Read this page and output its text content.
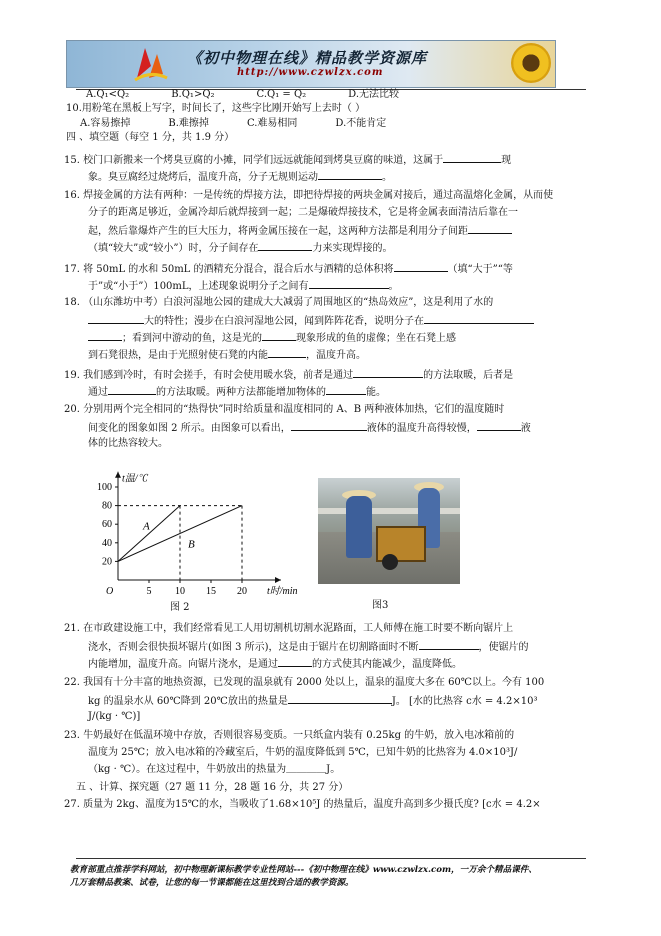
《初中物理在线》精品教学资源库
http://www.czwlzx.com
A.Q₁<Q₂	B.Q₁>Q₂	C.Q₁ = Q₂	D.无法比较
10.用粉笔在黑板上写字，时间长了，这些字比刚开始写上去时（ ）
A.容易擦掉	B.难擦掉	C.难易相同	D.不能肯定
四 、填空题（每空 1 分，共 1.9 分）
15. 校门口新搬来一个烤臭豆腐的小摊，同学们远远就能闻到烤臭豆腐的味道，这属于	现
象。臭豆腐经过烧烤后，温度升高，分子无规则运动	。
16. 焊接金属的方法有两种：一是传统的焊接方法，即把待焊接的两块金属对接后，通过高温熔化金属，从而使
分子的距离足够近，金属冷却后就焊接到一起；二是爆破焊接技术，它是将金属表面清洁后靠在一
起，然后靠爆炸产生的巨大压力，将两金属压接在一起，这两种方法都是利用分子间距
（填“较大”或“较小”）时，分子间存在	力来实现焊接的。
17. 将 50mL 的水和 50mL 的酒精充分混合，混合后水与酒精的总体积将	（填“大于”“等
于”或“小于”）100mL，上述现象说明分子之间有	。
18. （山东潍坊中考）白浪河湿地公园的建成大大减弱了周围地区的“热岛效应”，这是利用了水的
大的特性；漫步在白浪河湿地公园，闻到阵阵花香，说明分子在
；看到河中游动的鱼，这是光的	现象形成的鱼的虚像；坐在石凳上感
到石凳很热，是由于光照射使石凳的内能	，温度升高。
19. 我们感到冷时，有时会搓手，有时会使用暖水袋，前者是通过	的方法取暖，后者是
通过	的方法取暖。两种方法都能增加物体的	能。
20. 分别用两个完全相同的“热得快”同时给质量和温度相同的 A、B 两种液体加热，它们的温度随时
间变化的图象如图 2 所示。由图象可以看出，	液体的温度升高得较慢，	液
体的比热容较大。
21. 在市政建设施工中，我们经常看见工人用切割机切割水泥路面，工人师傅在施工时要不断向锯片上
浇水，否则会很快损坏锯片(如图 3 所示)，这是由于锯片在切割路面时不断	，使锯片的
内能增加，温度升高。向锯片浇水，是通过	的方式使其内能减少，温度降低。
22. 我国有十分丰富的地热资源，已发现的温泉就有 2000 处以上，温泉的温度大多在 60℃以上。今有 100
kg 的温泉水从 60℃降到 20℃放出的热量是	J。 [水的比热容 c水 = 4.2×10³
J/(kg · ℃)]
23. 牛奶最好在低温环境中存放，否则很容易变质。一只纸盒内装有 0.25kg 的牛奶，放入电冰箱前的
温度为 25℃；放入电冰箱的冷藏室后，牛奶的温度降低到 5℃，已知牛奶的比热容为 4.0×10³J/
（kg · ℃）。在这过程中，牛奶放出的热量为＿＿＿＿J。
五 、计算、探究题（27 题 11 分，28 题 16 分，共 27 分）
27. 质量为 2kg、温度为15℃的水，当吸收了1.68×10⁵J 的热量后，温度升高到多少摄氏度? [c水 = 4.2×
20
40
60
80
100
5 10 15 20
A
B
O
t温/℃
t时/min
图 2	图3
教育部重点推荐学科网站，初中物理新课标教学专业性网站---《初中物理在线》www.czwlzx.com，一万余个精品课件、
几万套精品教案、试卷，让您的每一节课都能在这里找到合适的教学资源。
